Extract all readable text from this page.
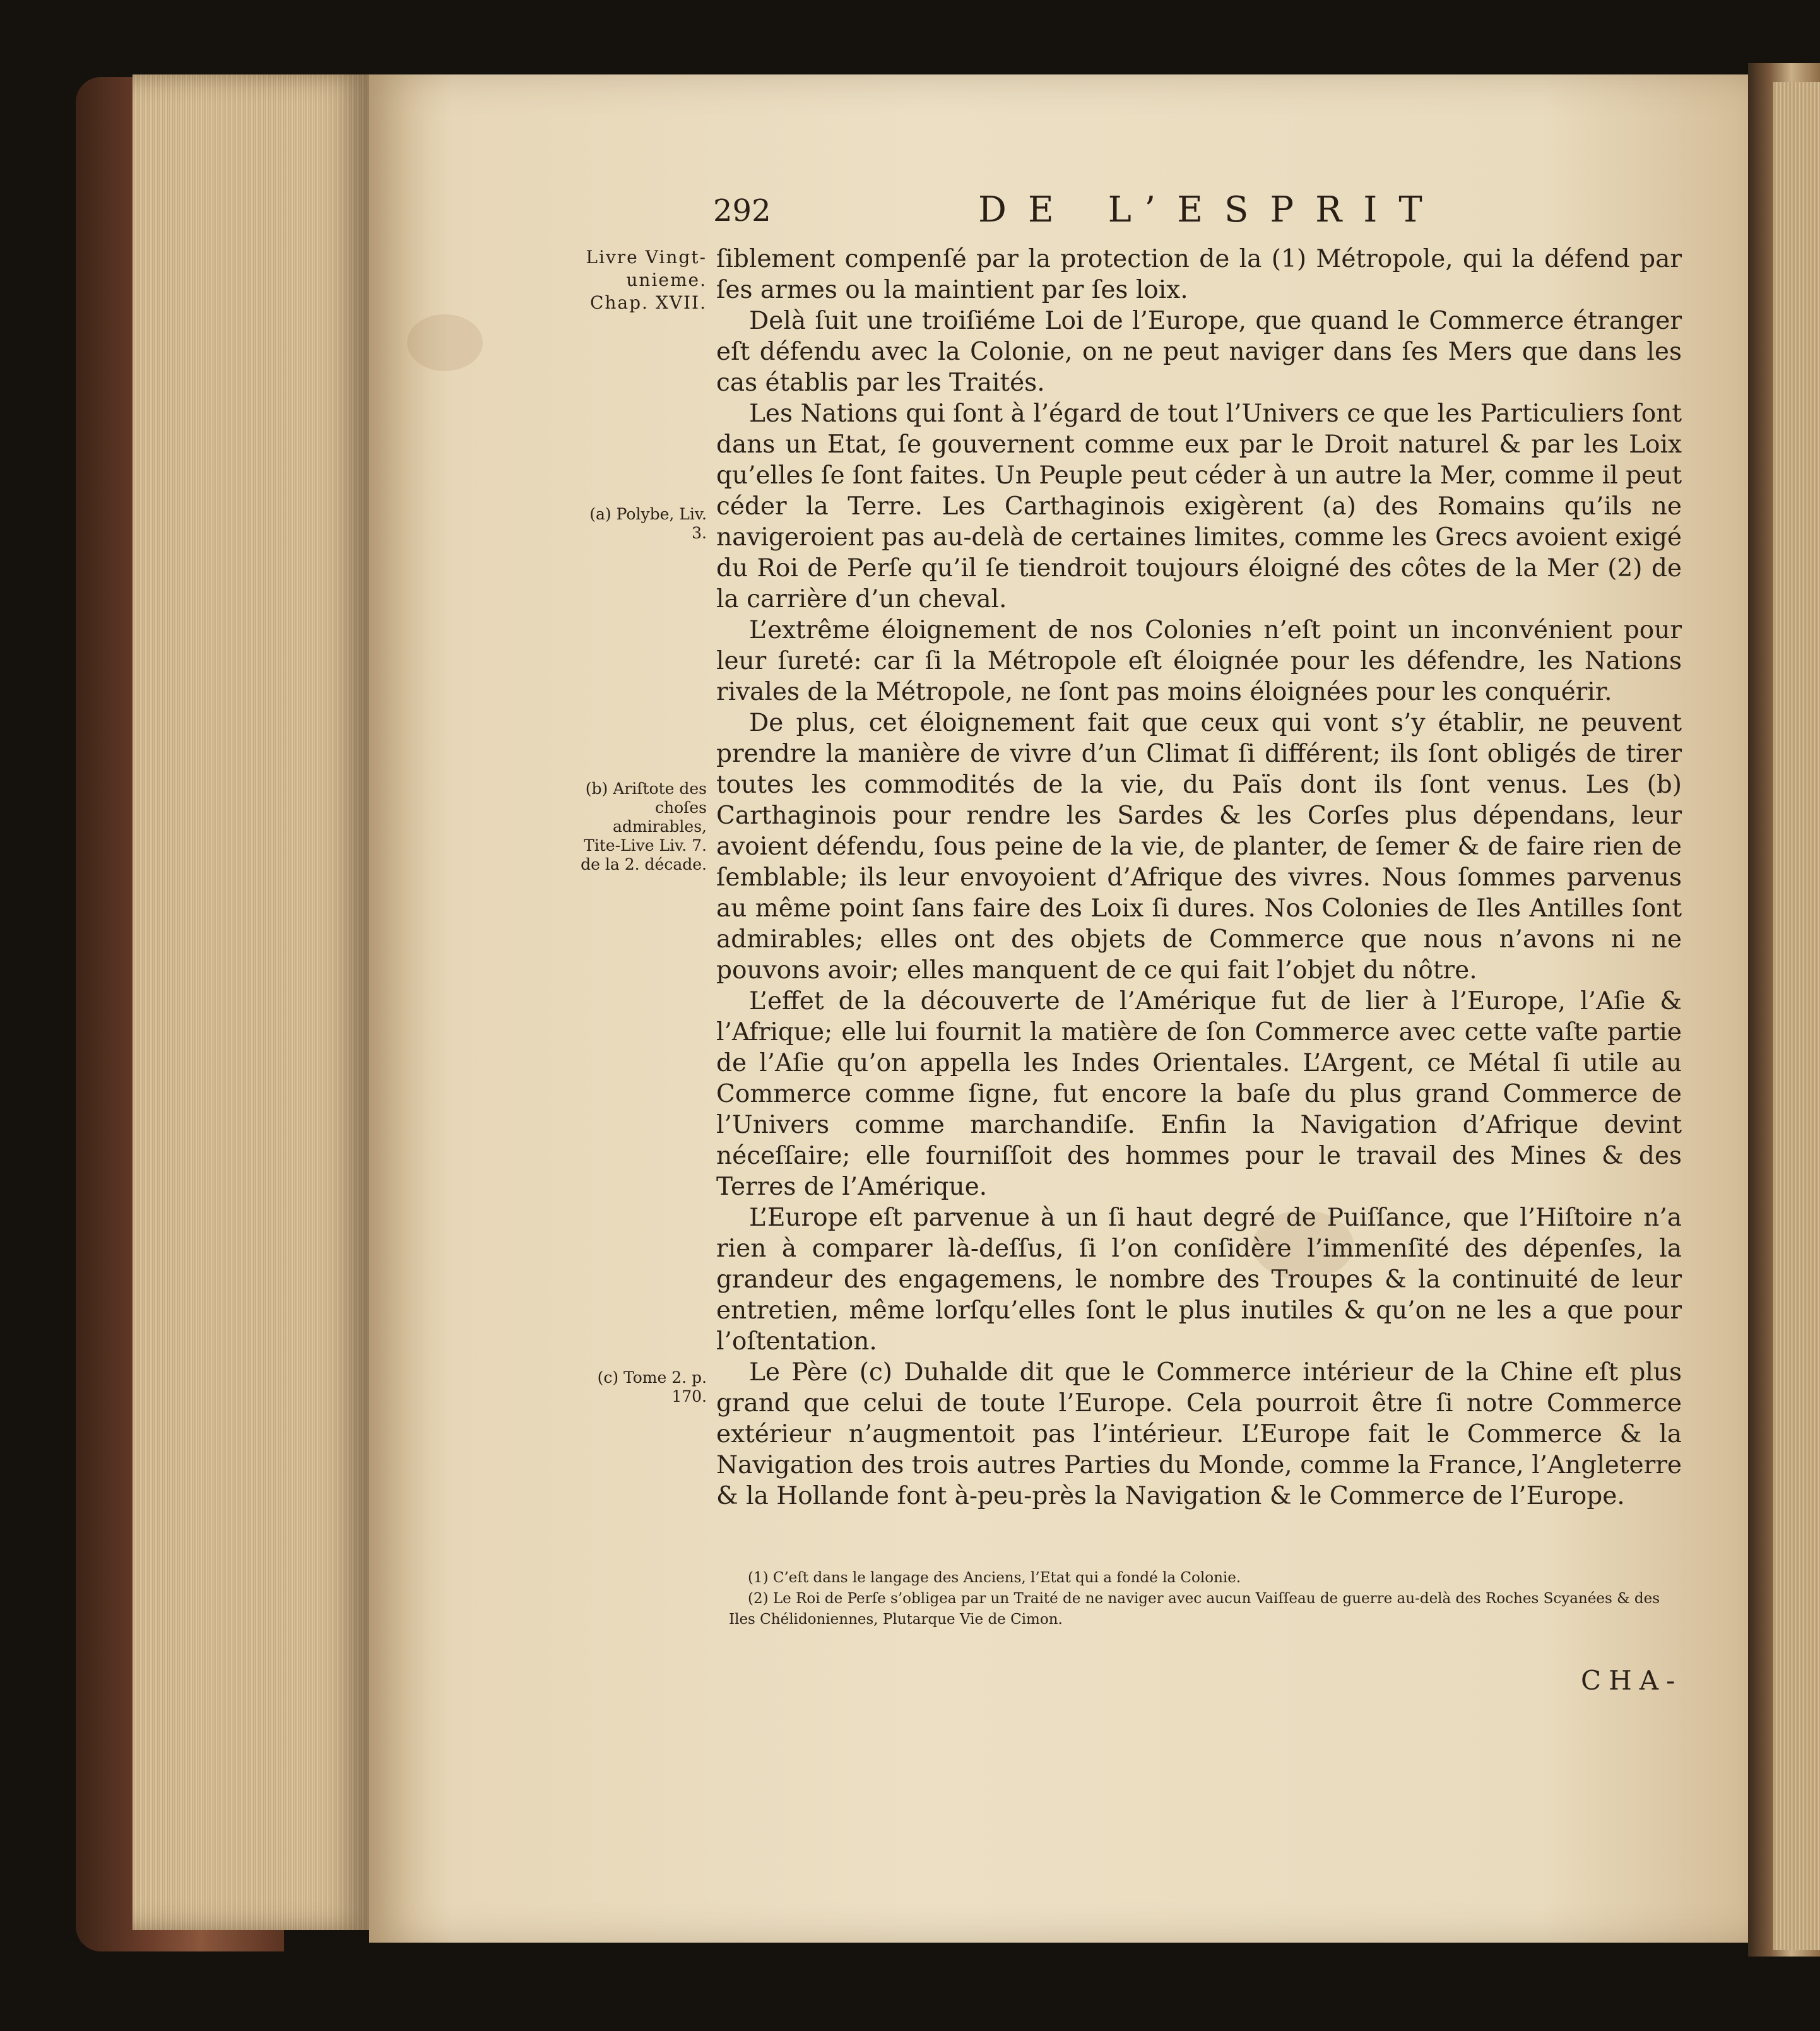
292	DE L’ESPRIT
Livre Vingt-unieme. Chap. XVII.
(a) Polybe, Liv. 3.
(b) Ariſtote des choſes admirables, Tite-Live Liv. 7. de la 2. décade.
(c) Tome 2. p. 170.

ſiblement compenſé par la protection de la (1) Métropole, qui la défend par ſes armes ou la maintient par ſes loix.

Delà ſuit une troiſiéme Loi de l’Europe, que quand le Commerce étranger eſt défendu avec la Colonie, on ne peut naviger dans ſes Mers que dans les cas établis par les Traités.

Les Nations qui ſont à l’égard de tout l’Univers ce que les Particuliers ſont dans un Etat, ſe gouvernent comme eux par le Droit naturel & par les Loix qu’elles ſe ſont faites. Un Peuple peut céder à un autre la Mer, comme il peut céder la Terre. Les Carthaginois exigèrent (a) des Romains qu’ils ne navigeroient pas au-delà de certaines limites, comme les Grecs avoient exigé du Roi de Perſe qu’il ſe tiendroit toujours éloigné des côtes de la Mer (2) de la carrière d’un cheval.

L’extrême éloignement de nos Colonies n’eſt point un inconvénient pour leur ſureté: car ſi la Métropole eſt éloignée pour les défendre, les Nations rivales de la Métropole, ne ſont pas moins éloignées pour les conquérir.

De plus, cet éloignement fait que ceux qui vont s’y établir, ne peuvent prendre la manière de vivre d’un Climat ſi différent; ils ſont obligés de tirer toutes les commodités de la vie, du Païs dont ils ſont venus. Les (b) Carthaginois pour rendre les Sardes & les Corſes plus dépendans, leur avoient défendu, ſous peine de la vie, de planter, de ſemer & de faire rien de ſemblable; ils leur envoyoient d’Afrique des vivres. Nous ſommes parvenus au même point ſans faire des Loix ſi dures. Nos Colonies de Iles Antilles ſont admirables; elles ont des objets de Commerce que nous n’avons ni ne pouvons avoir; elles manquent de ce qui fait l’objet du nôtre.

L’effet de la découverte de l’Amérique fut de lier à l’Europe, l’Aſie & l’Afrique; elle lui fournit la matière de ſon Commerce avec cette vaſte partie de l’Aſie qu’on appella les Indes Orientales. L’Argent, ce Métal ſi utile au Commerce comme ſigne, fut encore la baſe du plus grand Commerce de l’Univers comme marchandiſe. Enfin la Navigation d’Afrique devint néceſſaire; elle fourniſſoit des hommes pour le travail des Mines & des Terres de l’Amérique.

L’Europe eſt parvenue à un ſi haut degré de Puiſſance, que l’Hiſtoire n’a rien à comparer là-deſſus, ſi l’on conſidère l’immenſité des dépenſes, la grandeur des engagemens, le nombre des Troupes & la continuité de leur entretien, même lorſqu’elles ſont le plus inutiles & qu’on ne les a que pour l’oſtentation.

Le Père (c) Duhalde dit que le Commerce intérieur de la Chine eſt plus grand que celui de toute l’Europe. Cela pourroit être ſi notre Commerce extérieur n’augmentoit pas l’intérieur. L’Europe fait le Commerce & la Navigation des trois autres Parties du Monde, comme la France, l’Angleterre & la Hollande font à-peu-près la Navigation & le Commerce de l’Europe.

(1) C’eſt dans le langage des Anciens, l’Etat qui a fondé la Colonie.

(2) Le Roi de Perſe s’obligea par un Traité de ne naviger avec aucun Vaiſſeau de guerre au-delà des Roches Scyanées & des Iles Chélidoniennes, Plutarque Vie de Cimon.

CHA-
